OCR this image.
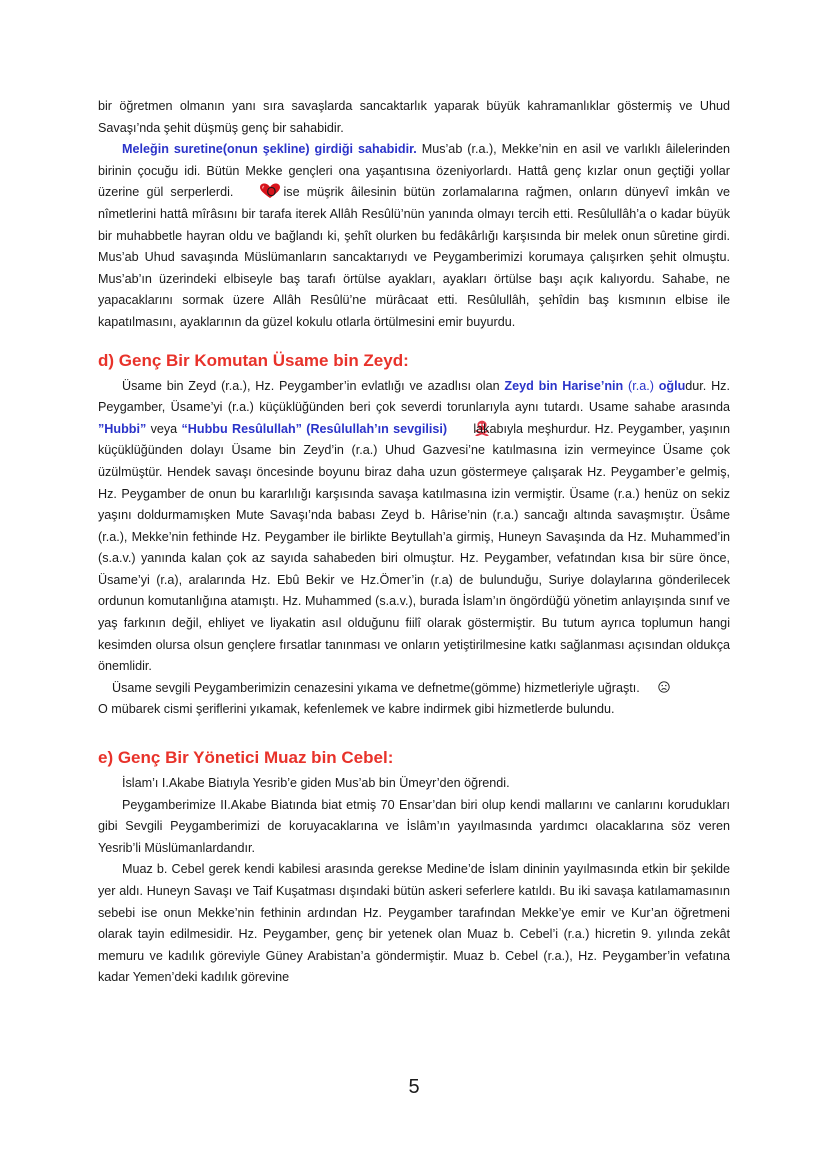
bir öğretmen olmanın yanı sıra savaşlarda sancaktarlık yaparak büyük kahramanlıklar göstermiş ve Uhud Savaşı’nda şehit düşmüş genç bir sahabidir.

Meleğin suretine(onun şekline) girdiği sahabidir. Mus’ab (r.a.), Mekke’nin en asil ve varlıklı âilelerinden birinin çocuğu idi. Bütün Mekke gençleri ona yaşantısına özeniyorlardı. Hattâ genç kızlar onun geçtiği yollar üzerine gül serperlerdi. O ise müşrik âilesinin bütün zorlamalarına rağmen, onların dünyevî imkân ve nîmetlerini hattâ mîrâsını bir tarafa iterek Allâh Resûlü’nün yanında olmayı tercih etti. Resûlullâh’a o kadar büyük bir muhabbetle hayran oldu ve bağlandı ki, şehît olurken bu fedâkârlığı karşısında bir melek onun sûretine girdi. Mus’ab Uhud savaşında Müslümanların sancaktarıydı ve Peygamberimizi korumaya çalışırken şehit olmuştu. Mus’ab’ın üzerindeki elbiseyle baş tarafı örtülse ayakları, ayakları örtülse başı açık kalıyordu. Sahabe, ne yapacaklarını sormak üzere Allâh Resûlü’ne mürâcaat etti. Resûlullâh, şehîdin baş kısmının elbise ile kapatılmasını, ayaklarının da güzel kokulu otlarla örtülmesini emir buyurdu.

d) Genç Bir Komutan Üsame bin Zeyd:

Üsame bin Zeyd (r.a.), Hz. Peygamber’in evlatlığı ve azadlısı olan Zeyd bin Harise’nin (r.a.) oğludur. Hz. Peygamber, Üsame’yi (r.a.) küçüklüğünden beri çok severdi torunlarıyla aynı tutardı. Usame sahabe arasında ”Hubbi” veya “Hubbu Resûlullah” (Resûlullah’ın sevgilisi) lakabıyla meşhurdur. Hz. Peygamber, yaşının küçüklüğünden dolayı Üsame bin Zeyd’in (r.a.) Uhud Gazvesi’ne katılmasına izin vermeyince Üsame çok üzülmüştür. Hendek savaşı öncesinde boyunu biraz daha uzun göstermeye çalışarak Hz. Peygamber’e gelmiş, Hz. Peygamber de onun bu kararlılığı karşısında savaşa katılmasına izin vermiştir. Üsame (r.a.) henüz on sekiz yaşını doldurmamışken Mute Savaşı’nda babası Zeyd b. Hârise’nin (r.a.) sancağı altında savaşmıştır. Üsâme (r.a.), Mekke’nin fethinde Hz. Peygamber ile birlikte Beytullah’a girmiş, Huneyn Savaşında da Hz. Muhammed’in (s.a.v.) yanında kalan çok az sayıda sahabeden biri olmuştur. Hz. Peygamber, vefatından kısa bir süre önce, Üsame’yi (r.a), aralarında Hz. Ebû Bekir ve Hz.Ömer’in (r.a) de bulunduğu, Suriye dolaylarına gönderilecek ordunun komutanlığına atamıştı. Hz. Muhammed (s.a.v.), burada İslam’ın öngördüğü yönetim anlayışında sınıf ve yaş farkının değil, ehliyet ve liyakatin asıl olduğunu fiilî olarak göstermiştir. Bu tutum ayrıca toplumun hangi kesimden olursa olsun gençlere fırsatlar tanınması ve onların yetiştirilmesine katkı sağlanması açısından oldukça önemlidir.

Üsame sevgili Peygamberimizin cenazesini yıkama ve defnetme(gömme) hizmetleriyle uğraştı.

O mübarek cismi şeriflerini yıkamak, kefenlemek ve kabre indirmek gibi hizmetlerde bulundu.

e) Genç Bir Yönetici Muaz bin Cebel:

İslam’ı I.Akabe Biatıyla Yesrib’e giden Mus’ab bin Ümeyr’den öğrendi.

Peygamberimize II.Akabe Biatında biat etmiş 70 Ensar’dan biri olup kendi mallarını ve canlarını korudukları gibi Sevgili Peygamberimizi de koruyacaklarına ve İslâm’ın yayılmasında yardımcı olacaklarına söz veren Yesrib’li Müslümanlardandır.

Muaz b. Cebel gerek kendi kabilesi arasında gerekse Medine’de İslam dininin yayılmasında etkin bir şekilde yer aldı. Huneyn Savaşı ve Taif Kuşatması dışındaki bütün askeri seferlere katıldı. Bu iki savaşa katılamamasının sebebi ise onun Mekke’nin fethinin ardından Hz. Peygamber tarafından Mekke’ye emir ve Kur’an öğretmeni olarak tayin edilmesidir. Hz. Peygamber, genç bir yetenek olan Muaz b. Cebel’i (r.a.) hicretin 9. yılında zekât memuru ve kadılık göreviyle Güney Arabistan’a göndermiştir. Muaz b. Cebel (r.a.), Hz. Peygamber’in vefatına kadar Yemen’deki kadılık görevine

5
